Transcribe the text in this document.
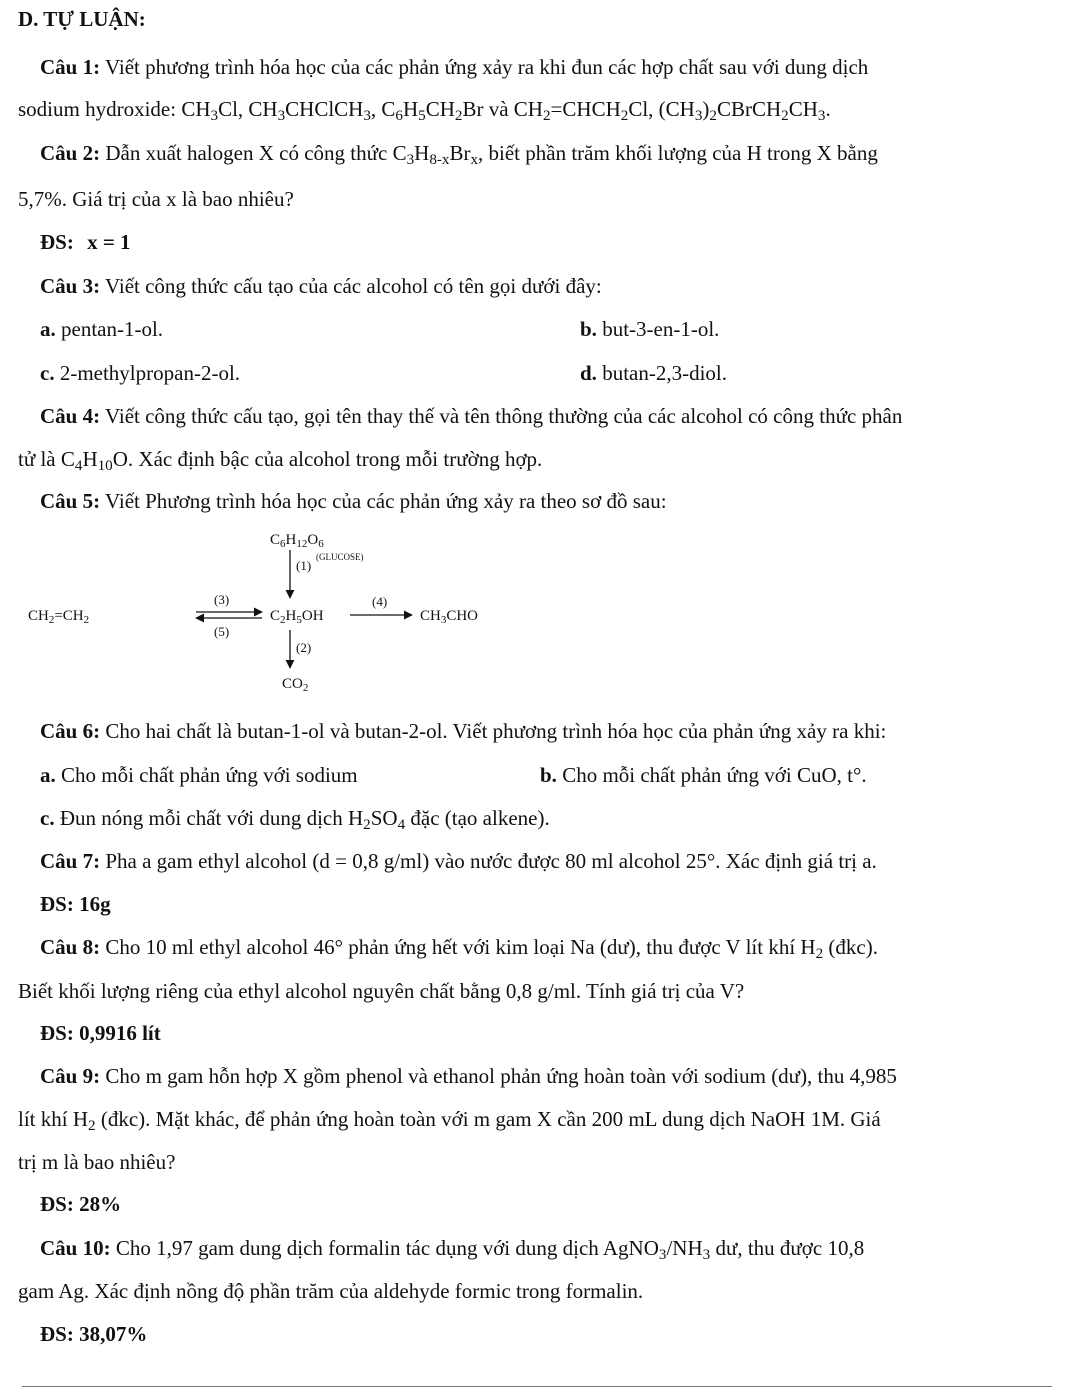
D. TỰ LUẬN:
Câu 1: Viết phương trình hóa học của các phản ứng xảy ra khi đun các hợp chất sau với dung dịch
sodium hydroxide: $CH_3Cl$, $CH_3CHClCH_3$, $C_6H_5CH_2Br$ và $CH_2=CHCH_2Cl$, $(CH_3)_2CBrCH_2CH_3$.
Câu 2: Dẫn xuất halogen X có công thức $C_3H_{8-x}Br_x$, biết phần trăm khối lượng của H trong X bằng
5,7%. Giá trị của x là bao nhiêu?
ĐS: x = 1
Câu 3: Viết công thức cấu tạo của các alcohol có tên gọi dưới đây:
a. pentan-1-ol.	b. but-3-en-1-ol.
c. 2-methylpropan-2-ol.	d. butan-2,3-diol.
Câu 4: Viết công thức cấu tạo, gọi tên thay thế và tên thông thường của các alcohol có công thức phân
tử là $C_4H_{10}O$. Xác định bậc của alcohol trong mỗi trường hợp.
Câu 5: Viết Phương trình hóa học của các phản ứng xảy ra theo sơ đồ sau:
C6H12O6
(1)
(GLUCOSE)
CH2=CH2
(3)
(5)
C2H5OH
(4)
CH3CHO
(2)
CO2
Câu 6: Cho hai chất là butan-1-ol và butan-2-ol. Viết phương trình hóa học của phản ứng xảy ra khi:
a. Cho mỗi chất phản ứng với sodium	b. Cho mỗi chất phản ứng với CuO, t°.
c. Đun nóng mỗi chất với dung dịch $H_2SO_4$ đặc (tạo alkene).
Câu 7: Pha a gam ethyl alcohol (d = 0,8 g/ml) vào nước được 80 ml alcohol 25°. Xác định giá trị a.
ĐS: 16g
Câu 8: Cho 10 ml ethyl alcohol 46° phản ứng hết với kim loại Na (dư), thu được V lít khí $H_2$ (đkc).
Biết khối lượng riêng của ethyl alcohol nguyên chất bằng 0,8 g/ml. Tính giá trị của V?
ĐS: 0,9916 lít
Câu 9: Cho m gam hỗn hợp X gồm phenol và ethanol phản ứng hoàn toàn với sodium (dư), thu 4,985
lít khí $H_2$ (đkc). Mặt khác, để phản ứng hoàn toàn với m gam X cần 200 mL dung dịch NaOH 1M. Giá
trị m là bao nhiêu?
ĐS: 28%
Câu 10: Cho 1,97 gam dung dịch formalin tác dụng với dung dịch $AgNO_3/NH_3$ dư, thu được 10,8
gam Ag. Xác định nồng độ phần trăm của aldehyde formic trong formalin.
ĐS: 38,07%
